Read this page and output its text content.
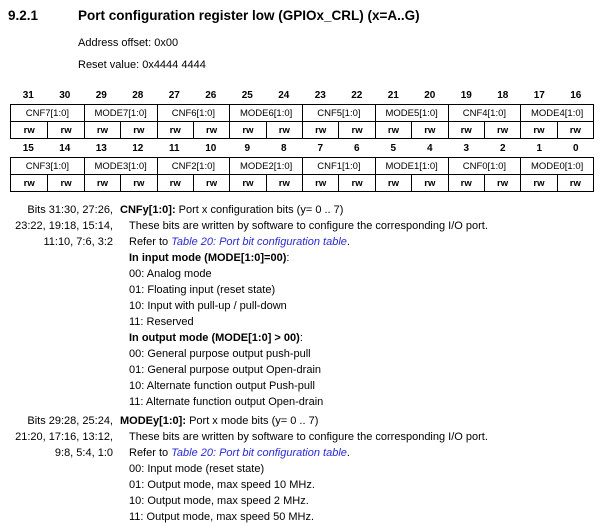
9.2.1	Port configuration register low (GPIOx_CRL) (x=A..G)
Address offset: 0x00
Reset value: 0x4444 4444
31	30	29	28	27	26	25	24	23	22	21	20	19	18	17	16
CNF7[1:0]	MODE7[1:0]	CNF6[1:0]	MODE6[1:0]	CNF5[1:0]	MODE5[1:0]	CNF4[1:0]	MODE4[1:0]
rw	rw	rw	rw	rw	rw	rw	rw	rw	rw	rw	rw	rw	rw	rw	rw
15	14	13	12	11	10	9	8	7	6	5	4	3	2	1	0
CNF3[1:0]	MODE3[1:0]	CNF2[1:0]	MODE2[1:0]	CNF1[1:0]	MODE1[1:0]	CNF0[1:0]	MODE0[1:0]
rw	rw	rw	rw	rw	rw	rw	rw	rw	rw	rw	rw	rw	rw	rw	rw
Bits 31:30, 27:26,
23:22, 19:18, 15:14,
11:10, 7:6, 3:2
CNFy[1:0]: Port x configuration bits (y= 0 .. 7)
These bits are written by software to configure the corresponding I/O port.
Refer to Table 20: Port bit configuration table.
In input mode (MODE[1:0]=00):
00: Analog mode
01: Floating input (reset state)
10: Input with pull-up / pull-down
11: Reserved
In output mode (MODE[1:0] > 00):
00: General purpose output push-pull
01: General purpose output Open-drain
10: Alternate function output Push-pull
11: Alternate function output Open-drain
Bits 29:28, 25:24,
21:20, 17:16, 13:12,
9:8, 5:4, 1:0
MODEy[1:0]: Port x mode bits (y= 0 .. 7)
These bits are written by software to configure the corresponding I/O port.
Refer to Table 20: Port bit configuration table.
00: Input mode (reset state)
01: Output mode, max speed 10 MHz.
10: Output mode, max speed 2 MHz.
11: Output mode, max speed 50 MHz.
